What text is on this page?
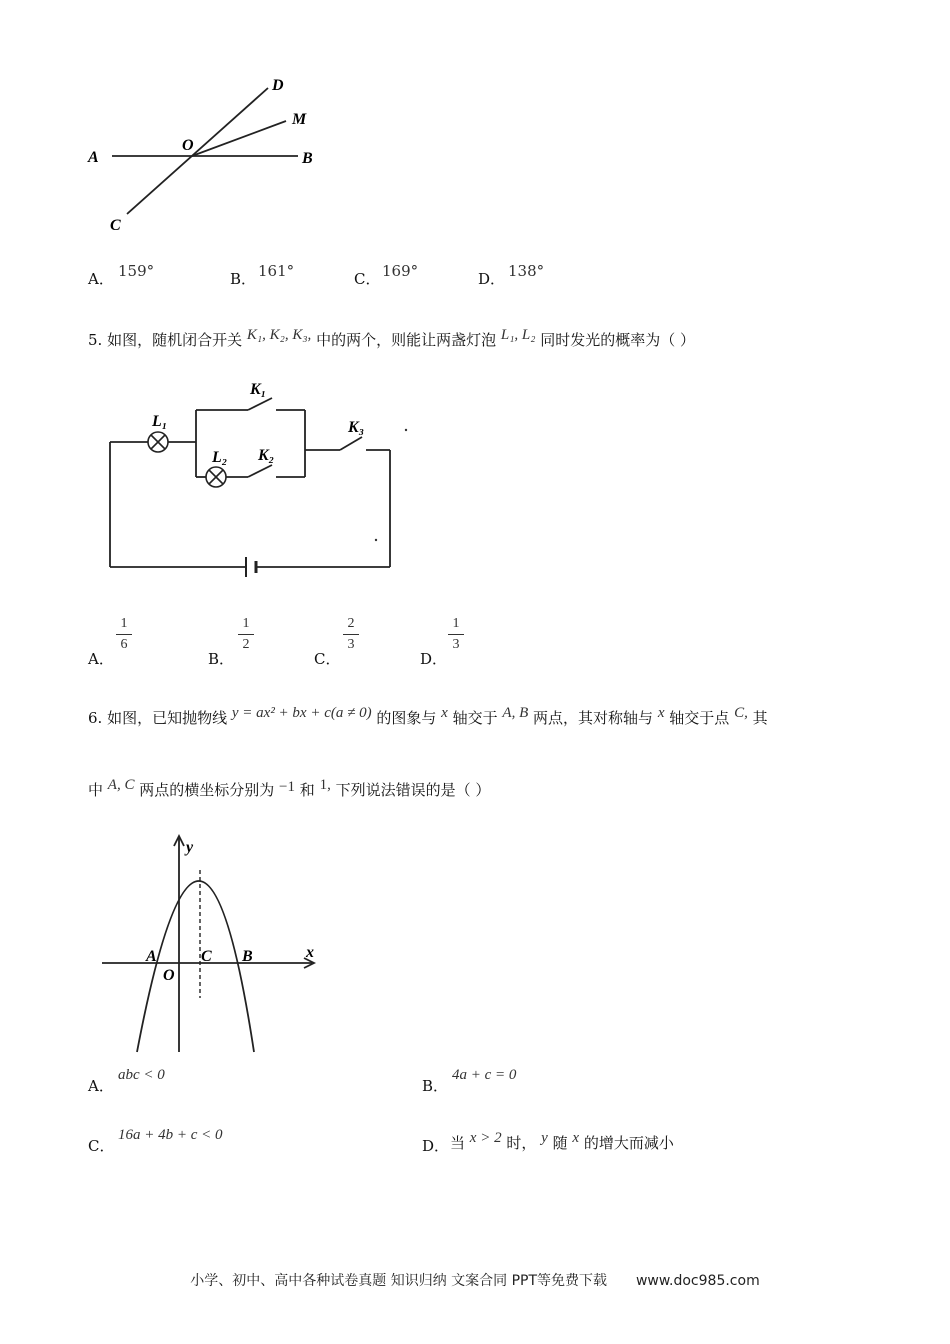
A
O
B
C
D
M
A． 159°	B． 161°	C． 169°	D． 138°
5. 如图，随机闭合开关 K₁, K₂, K₃, 中的两个，则能让两盏灯泡 L₁, L₂ 同时发光的概率为（ ）
K₁
K₂
K₃
L₁
L₂
A．
1
6
B．
1
2
C．
2
3
D．
1
3
6. 如图，已知抛物线 y = ax² + bx + c(a ≠ 0) 的图象与 x 轴交于 A, B 两点，其对称轴与 x 轴交于点 C, 其
中 A, C 两点的横坐标分别为 −1 和 1, 下列说法错误的是（ ）
y
x
A
O
C B
A．
abc < 0
B．
4a + c = 0
C．
16a + 4b + c < 0
D． 当 x > 2 时， y 随 x 的增大而减小
小学、初中、高中各种试卷真题 知识归纳 文案合同 PPT等免费下载 www.doc985.com
